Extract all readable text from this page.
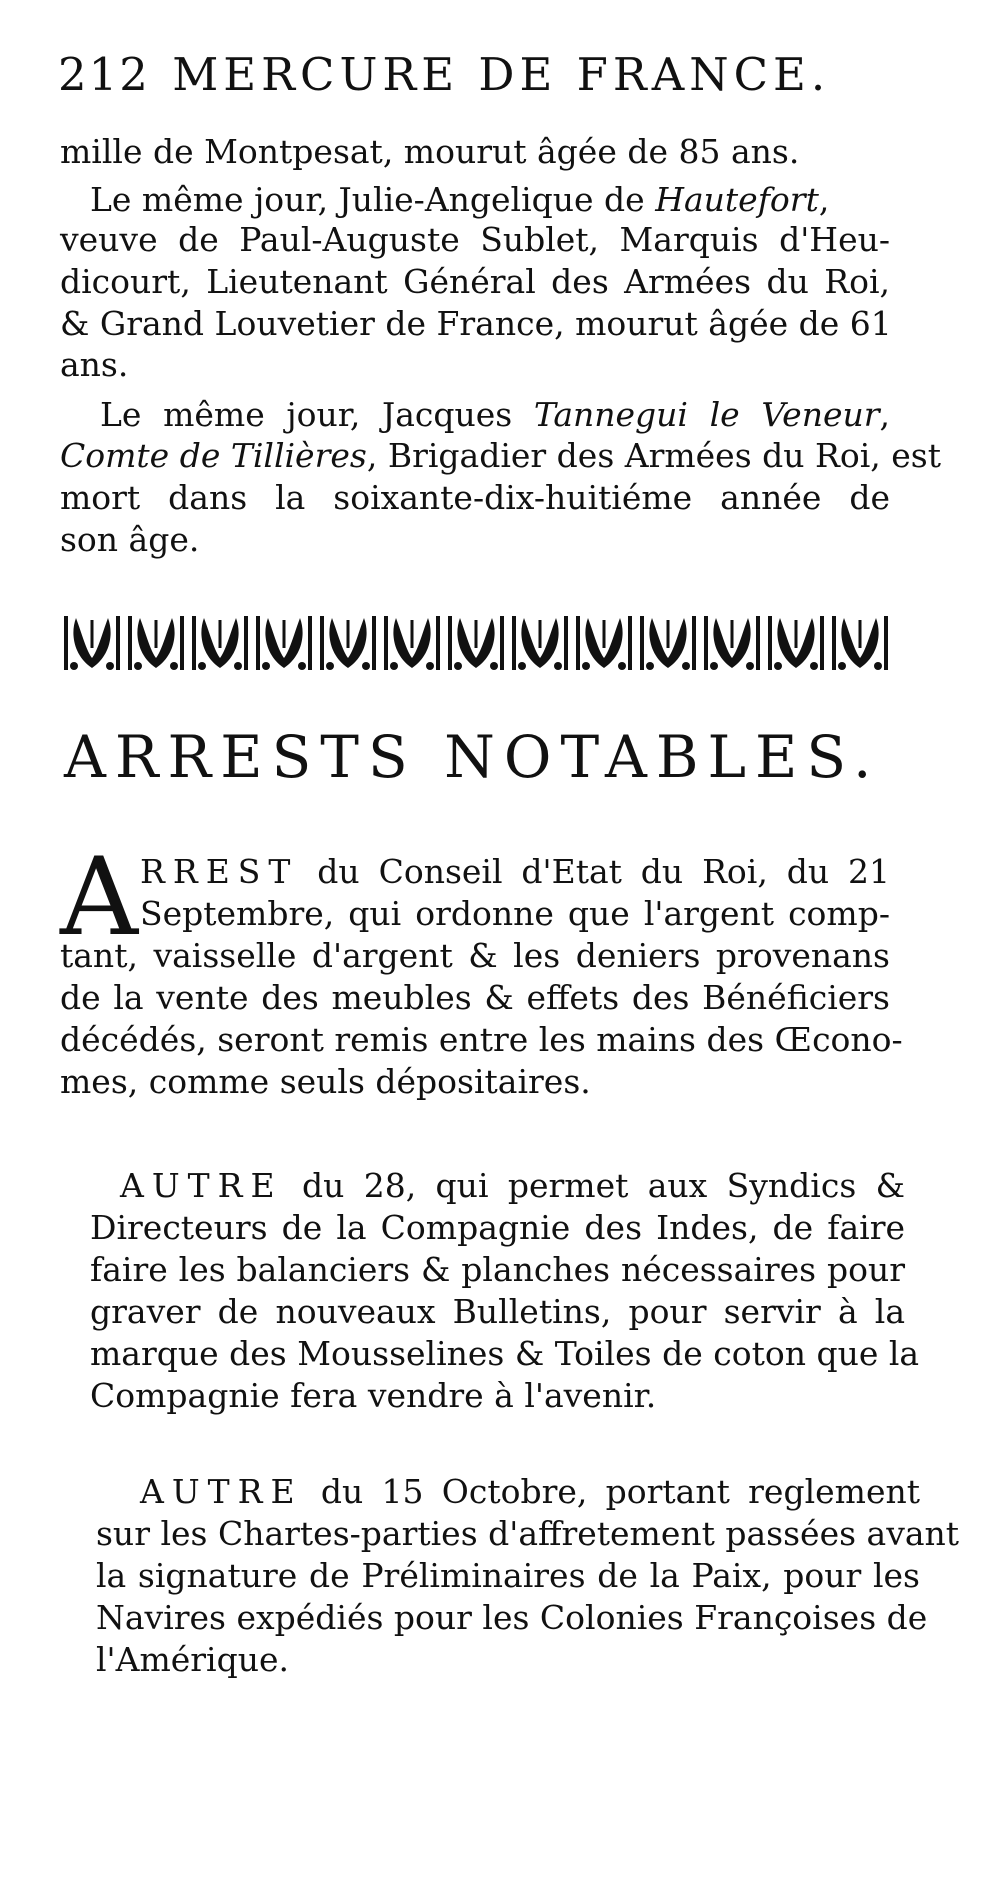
212 MERCURE DE FRANCE.
mille de Montpesat, mourut âgée de 85 ans.
Le même jour, Julie-Angelique de Hautefort,
veuve de Paul-Auguste Sublet, Marquis d'Heu-
dicourt, Lieutenant Général des Armées du Roi,
& Grand Louvetier de France, mourut âgée de 61
ans.
Le même jour, Jacques Tannegui le Veneur,
Comte de Tillières, Brigadier des Armées du Roi, est
mort dans la soixante-dix-huitiéme année de
son âge.
ARRESTS NOTABLES.
A RREST du Conseil d'Etat du Roi, du 21
Septembre, qui ordonne que l'argent comp-
tant, vaisselle d'argent & les deniers provenans
de la vente des meubles & effets des Bénéficiers
décédés, seront remis entre les mains des Œcono-
mes, comme seuls dépositaires.
AUTRE du 28, qui permet aux Syndics &
Directeurs de la Compagnie des Indes, de faire
faire les balanciers & planches nécessaires pour
graver de nouveaux Bulletins, pour servir à la
marque des Mousselines & Toiles de coton que la
Compagnie fera vendre à l'avenir.
AUTRE du 15 Octobre, portant reglement
sur les Chartes-parties d'affretement passées avant
la signature de Préliminaires de la Paix, pour les
Navires expédiés pour les Colonies Françoises de
l'Amérique.
